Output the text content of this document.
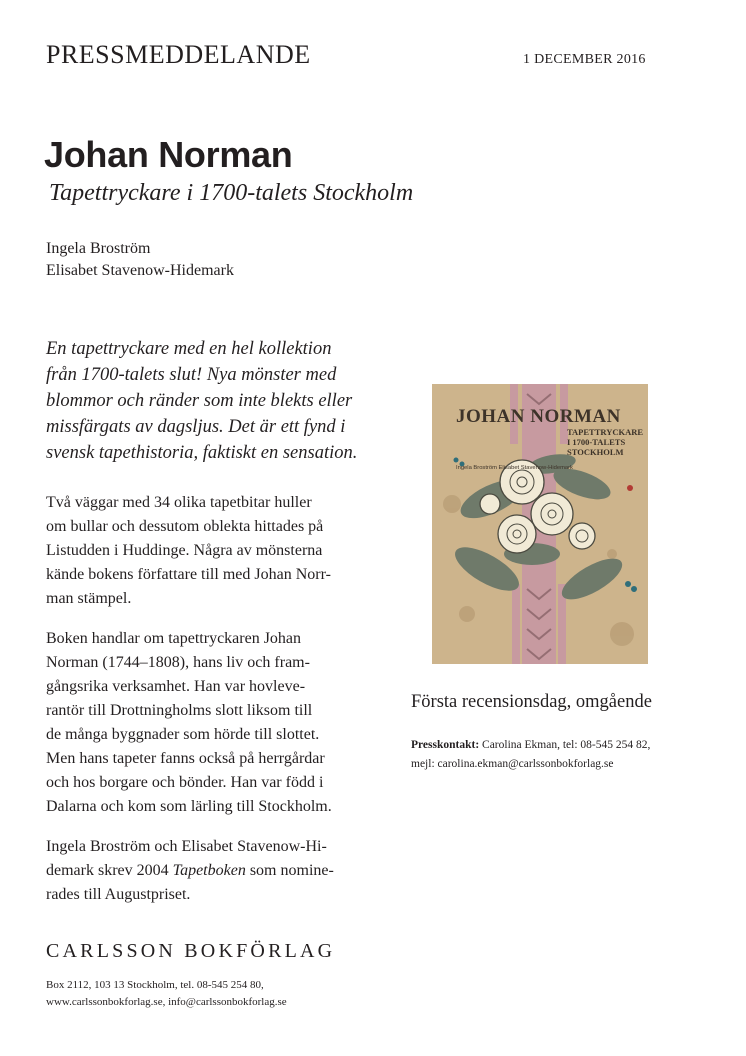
PRESSMEDDELANDE	1 DECEMBER 2016
Johan Norman
Tapettryckare i 1700-talets Stockholm
Ingela Broström
Elisabet Stavenow-Hidemark
En tapettryckare med en hel kollektion
från 1700-talets slut! Nya mönster med
blommor och ränder som inte blekts eller
missfärgats av dagsljus. Det är ett fynd i
svensk tapethistoria, faktiskt en sensation.
Två väggar med 34 olika tapetbitar huller
om bullar och dessutom oblekta hittades på
Listudden i Huddinge. Några av mönsterna
kände bokens författare till med Johan Norr-
man stämpel.
Boken handlar om tapettryckaren Johan
Norman (1744–1808), hans liv och fram-
gångsrika verksamhet. Han var hovleve-
rantör till Drottningholms slott liksom till
de många byggnader som hörde till slottet.
Men hans tapeter fanns också på herrgårdar
och hos borgare och bönder. Han var född i
Dalarna och kom som lärling till Stockholm.
Ingela Broström och Elisabet Stavenow-Hi-
demark skrev 2004 Tapetboken som nomine-
rades till Augustpriset.
CARLSSON BOKFÖRLAG
Box 2112, 103 13 Stockholm, tel. 08-545 254 80,
www.carlssonbokforlag.se, info@carlssonbokforlag.se
JOHAN NORMAN
TAPETTRYCKARE
I 1700-TALETS
STOCKHOLM
Ingela Broström Elisabet Stavenow-Hidemark
Första recensionsdag, omgående
Presskontakt: Carolina Ekman, tel: 08-545 254 82,
mejl: carolina.ekman@carlssonbokforlag.se
